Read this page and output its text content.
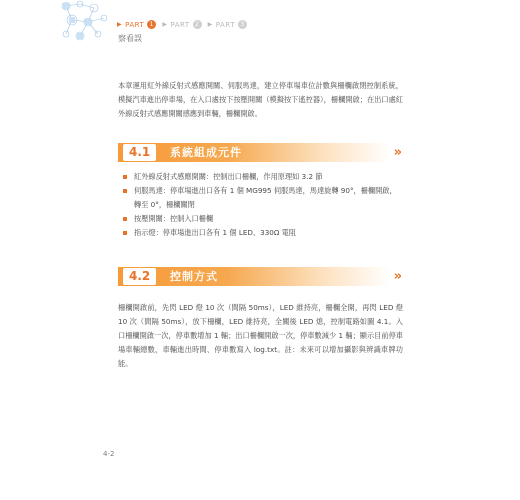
▶ PART 1	▶ PART 2	▶ PART 3
察看誤

本章運用紅外線反射式感應開關、伺服馬達，建立停車場車位計數與柵欄啟閉控制系統，模擬汽車進出停車場，在入口處按下按壓開關（模擬按下遙控器），柵欄開啟；在出口處紅外線反射式感應開關感應到車輛，柵欄開啟。

4.1	系統組成元件	»
紅外線反射式感應開關：控制出口柵欄，作用原理如 3.2 節
伺服馬達：停車場進出口各有 1 個 MG995 伺服馬達，馬達旋轉 90°，柵欄開啟，轉至 0°，柵欄關閉
按壓開關：控制入口柵欄
指示燈：停車場進出口各有 1 個 LED、330Ω 電阻
4.2	控制方式	»

柵欄開啟前，先閃 LED 燈 10 次（間隔 50ms），LED 維持亮，柵欄全開，再閃 LED 燈 10 次（間隔 50ms），放下柵欄，LED 維持亮，全關後 LED 熄，控制電路如圖 4.1。入口柵欄開啟一次，停車數增加 1 輛；出口柵欄開啟一次，停車數減少 1 輛；顯示目前停車場車輛總數，車輛進出時間、停車數寫入 log.txt。註：未來可以增加攝影與辨識車牌功能。

4-2
